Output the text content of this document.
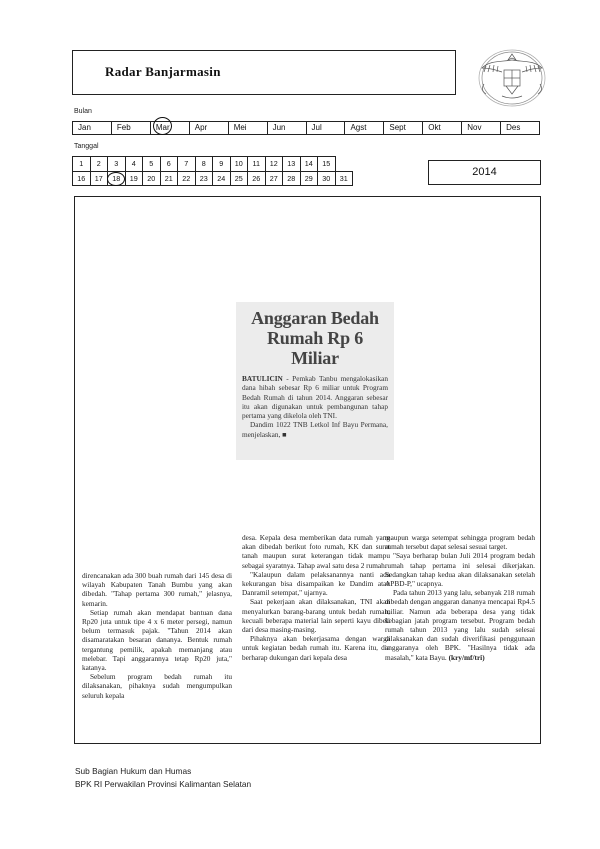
Radar Banjarmasin
Bulan
Jan	Feb	Mar	Apr	Mei	Jun	Jul	Agst	Sept	Okt	Nov	Des
Tanggal
1	2	3	4	5	6	7	8	9	10	11	12	13	14	15	
16	17	18	19	20	21	22	23	24	25	26	27	28	29	30	31
2014
Anggaran Bedah
Rumah Rp 6 Miliar
BATULICIN - Pemkab Tanbu mengalokasikan dana hibah sebesar Rp 6 miliar untuk Program Bedah Rumah di tahun 2014. Anggaran sebesar itu akan digunakan untuk pembangunan tahap pertama yang dikelola oleh TNI.
Dandim 1022 TNB Letkol Inf Bayu Permana, menjelaskan, ■

direncanakan ada 300 buah rumah dari 145 desa di wilayah Kabupaten Tanah Bumbu yang akan dibedah. "Tahap pertama 300 rumah," jelasnya, kemarin.

Setiap rumah akan mendapat bantuan dana Rp20 juta untuk tipe 4 x 6 meter persegi, namun belum termasuk pajak. "Tahun 2014 akan disamaratakan besaran dananya. Bentuk rumah tergantung pemilik, apakah memanjang atau melebar. Tapi anggarannya tetap Rp20 juta," katanya.

Sebelum program bedah rumah itu dilaksanakan, pihaknya sudah mengumpulkan seluruh kepala

desa. Kepala desa memberikan data rumah yang akan dibedah berikut foto rumah, KK dan surat tanah maupun surat keterangan tidak mampu sebagai syaratnya. Tahap awal satu desa 2 rumah.

"Kalaupun dalam pelaksanannya nanti ada kekurangan bisa disampaikan ke Dandim atau Danramil setempat," ujarnya.

Saat pekerjaan akan dilaksanakan, TNI akan menyalurkan barang-barang untuk bedah rumah, kecuali beberapa material lain seperti kayu dibeli dari desa masing-masing.

Pihaknya akan bekerjasama dengan warga untuk kegiatan bedah rumah itu. Karena itu, dia berharap dukungan dari kepala desa

maupun warga setempat sehingga program bedah rumah tersebut dapat selesai sesuai target.

"Saya berharap bulan Juli 2014 program bedah rumah tahap pertama ini selesai dikerjakan. Sedangkan tahap kedua akan dilaksanakan setelah APBD-P," ucapnya.

Pada tahun 2013 yang lalu, sebanyak 218 rumah dibedah dengan anggaran dananya mencapai Rp4.5 miliar. Namun ada beberapa desa yang tidak kebagian jatah program tersebut. Program bedah rumah tahun 2013 yang lalu sudah selesai dilaksanakan dan sudah diverifikasi penggunaan anggaranya oleh BPK. "Hasilnya tidak ada masalah," kata Bayu. (kry/mf/tri)

Sub Bagian Hukum dan Humas
BPK RI Perwakilan Provinsi Kalimantan Selatan
